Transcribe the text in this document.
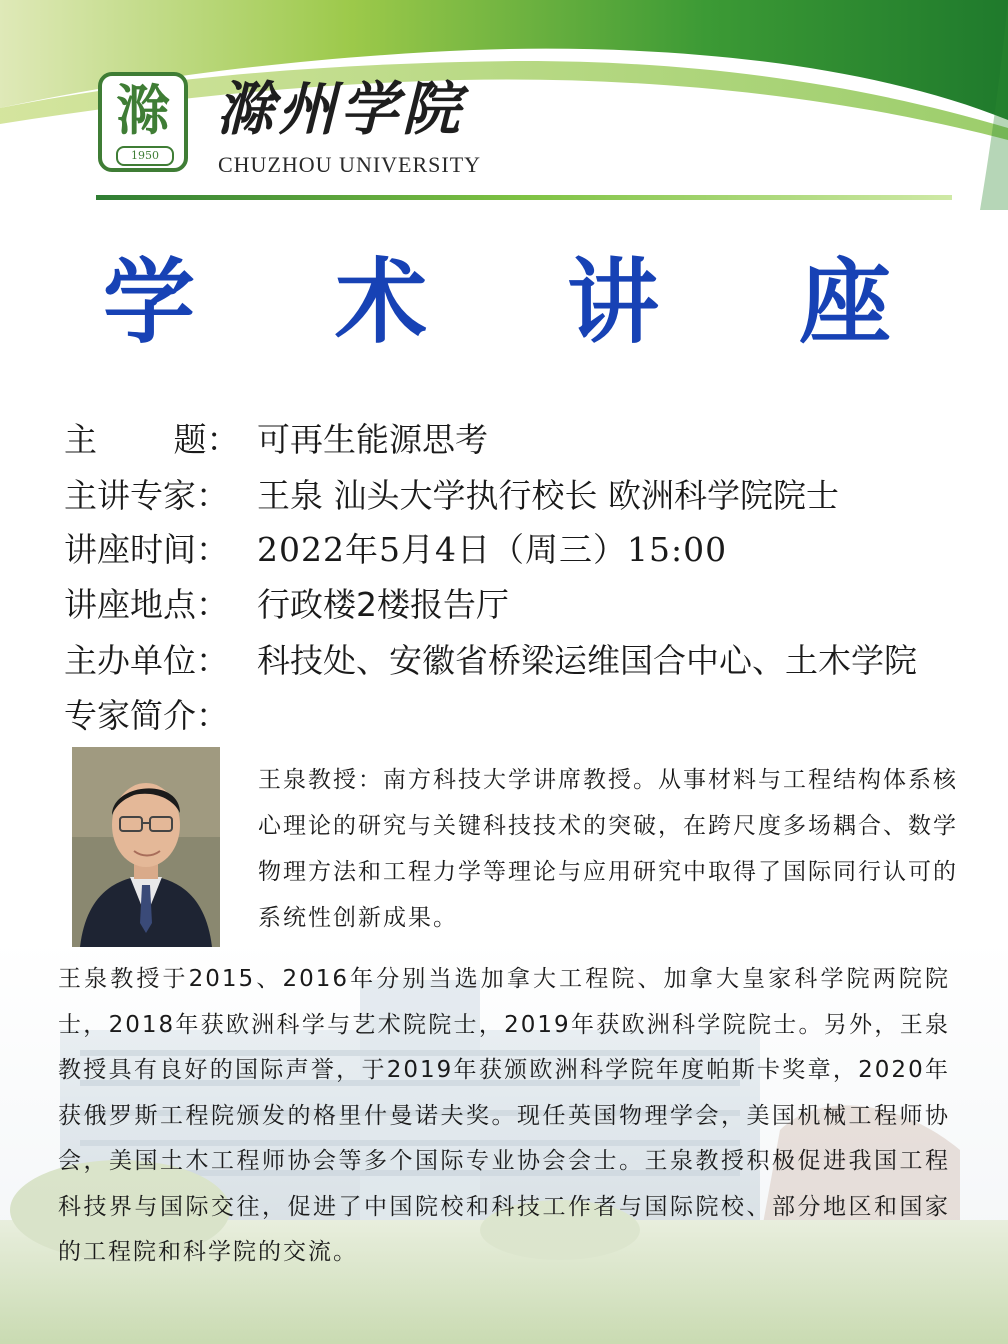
滁
1950
滁州学院
CHUZHOU UNIVERSITY
学 术 讲 座
主　　 题： 可再生能源思考
主讲专家： 王泉 汕头大学执行校长 欧洲科学院院士
讲座时间： 2022年5月4日（周三）15:00
讲座地点： 行政楼2楼报告厅
主办单位： 科技处、安徽省桥梁运维国合中心、土木学院
专家简介：
王泉教授：南方科技大学讲席教授。从事材料与工程结构体系核心理论的研究与关键科技技术的突破，在跨尺度多场耦合、数学物理方法和工程力学等理论与应用研究中取得了国际同行认可的系统性创新成果。
王泉教授于2015、2016年分别当选加拿大工程院、加拿大皇家科学院两院院士，2018年获欧洲科学与艺术院院士，2019年获欧洲科学院院士。另外，王泉教授具有良好的国际声誉，于2019年获颁欧洲科学院年度帕斯卡奖章，2020年获俄罗斯工程院颁发的格里什曼诺夫奖。现任英国物理学会，美国机械工程师协会，美国土木工程师协会等多个国际专业协会会士。王泉教授积极促进我国工程科技界与国际交往，促进了中国院校和科技工作者与国际院校、部分地区和国家的工程院和科学院的交流。
